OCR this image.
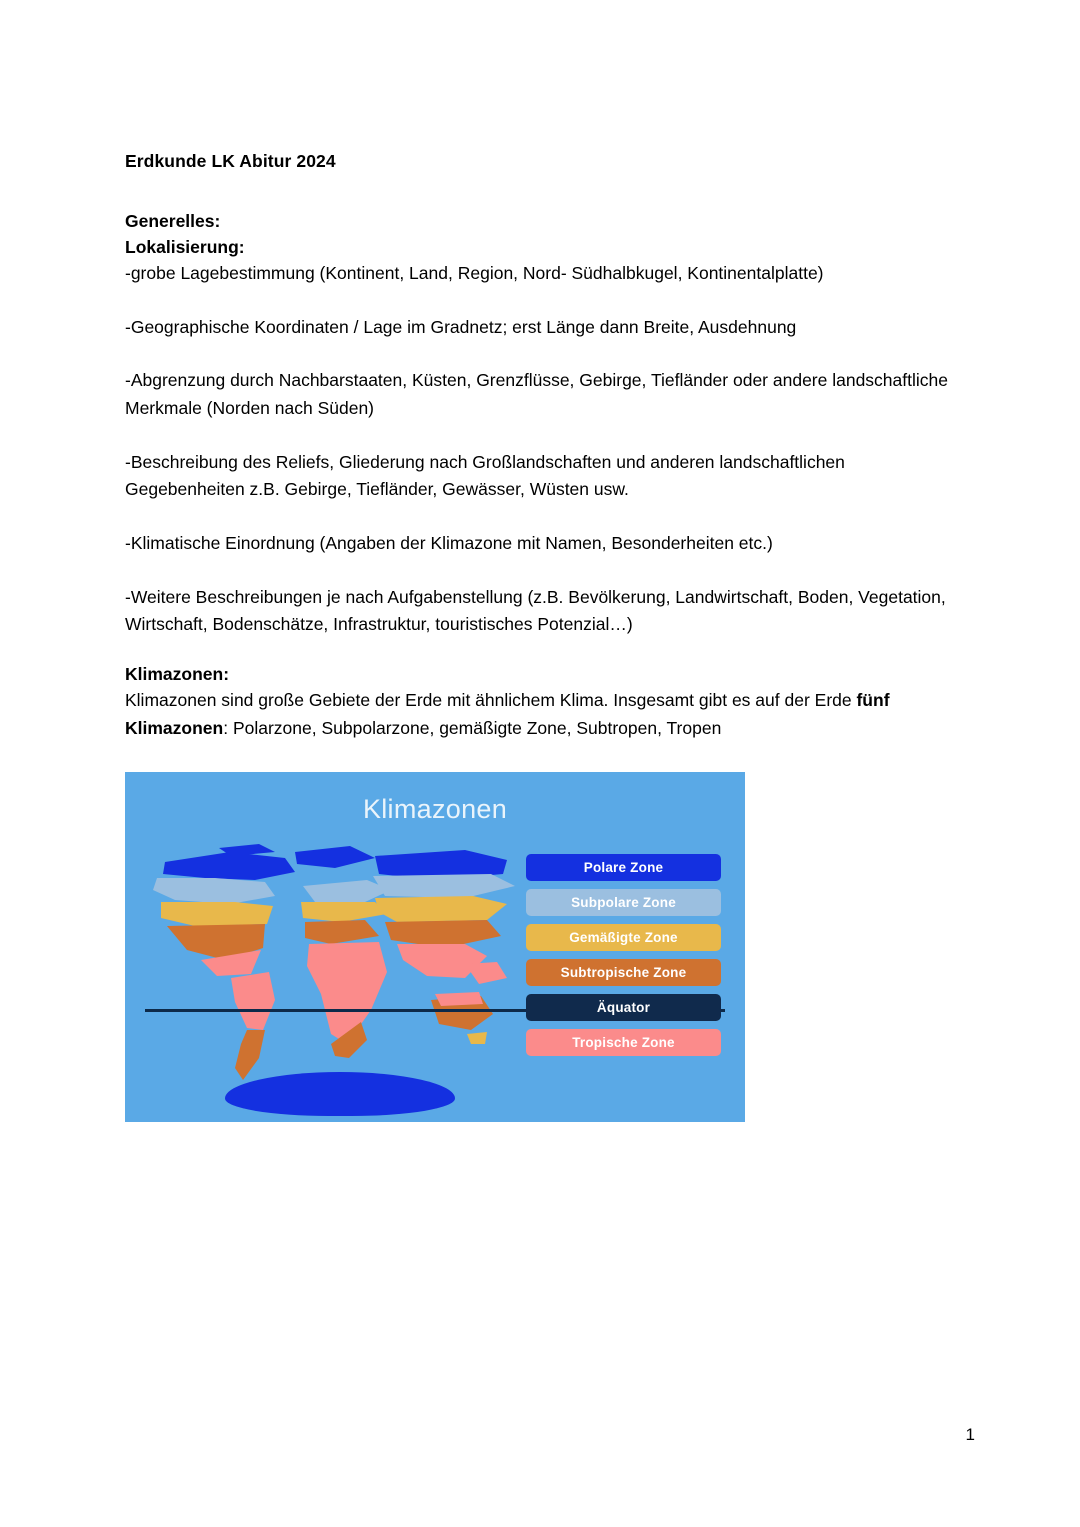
Erdkunde LK Abitur 2024
Generelles:
Lokalisierung:
-grobe Lagebestimmung (Kontinent, Land, Region, Nord- Südhalbkugel, Kontinentalplatte)
-Geographische Koordinaten / Lage im Gradnetz; erst Länge dann Breite, Ausdehnung
-Abgrenzung durch Nachbarstaaten, Küsten, Grenzflüsse, Gebirge, Tiefländer oder andere landschaftliche Merkmale (Norden nach Süden)
-Beschreibung des Reliefs, Gliederung nach Großlandschaften und anderen landschaftlichen Gegebenheiten z.B. Gebirge, Tiefländer, Gewässer, Wüsten usw.
-Klimatische Einordnung (Angaben der Klimazone mit Namen, Besonderheiten etc.)
-Weitere Beschreibungen je nach Aufgabenstellung (z.B. Bevölkerung, Landwirtschaft, Boden, Vegetation, Wirtschaft, Bodenschätze, Infrastruktur, touristisches Potenzial…)
Klimazonen:
Klimazonen sind große Gebiete der Erde mit ähnlichem Klima. Insgesamt gibt es auf der Erde fünf Klimazonen: Polarzone, Subpolarzone, gemäßigte Zone, Subtropen, Tropen
Klimazonen
Polare Zone
Subpolare Zone
Gemäßigte Zone
Subtropische Zone
Äquator
Tropische Zone
1
